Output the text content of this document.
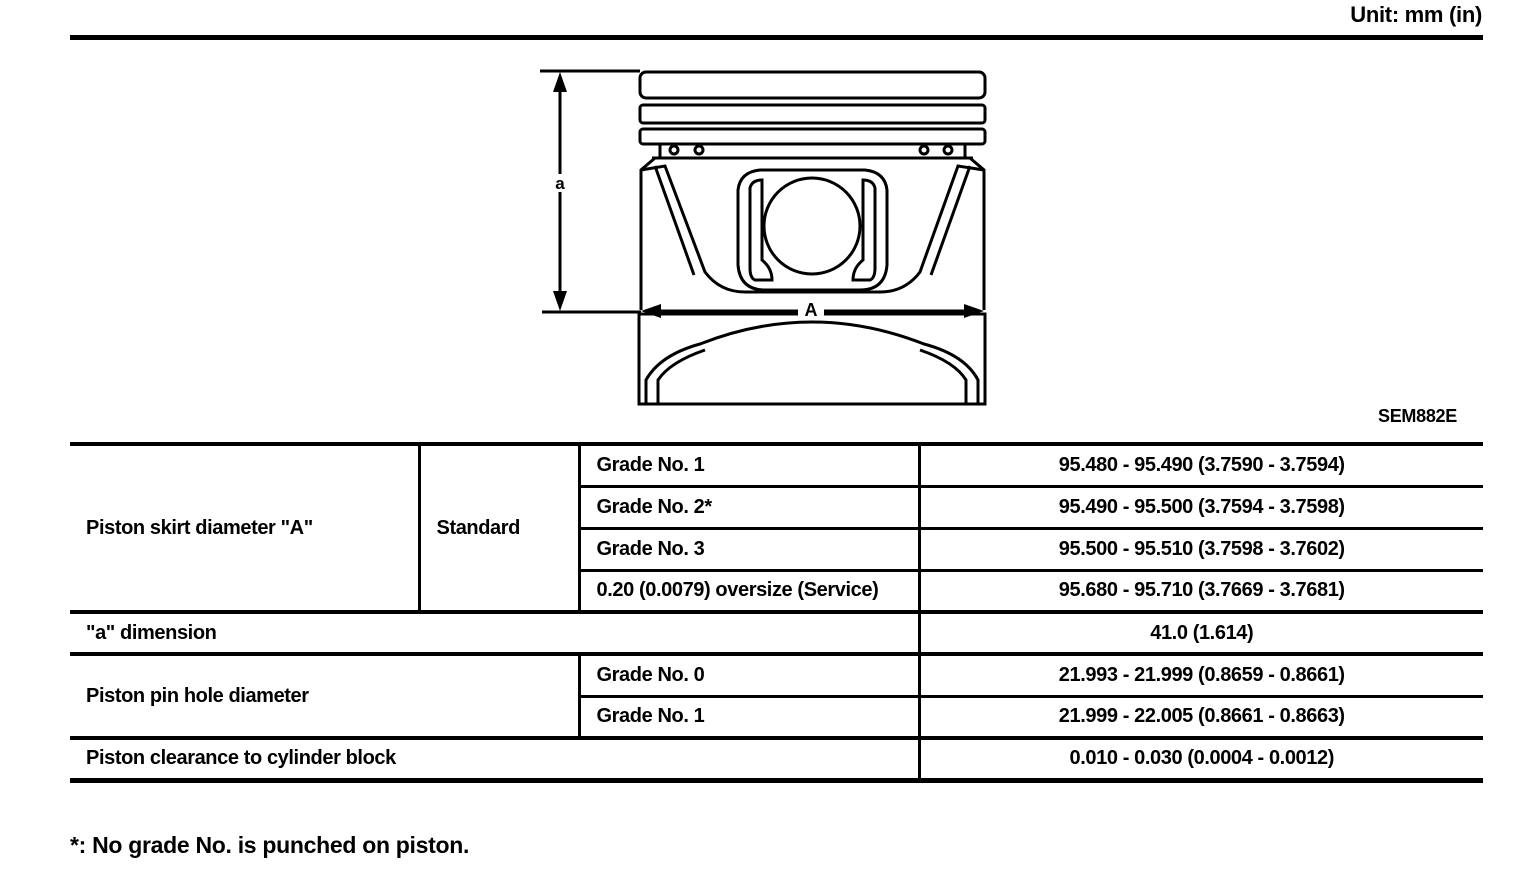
Unit: mm (in)
a
A
SEM882E
Piston skirt diameter "A"	Standard	Grade No. 1	95.480 - 95.490 (3.7590 - 3.7594)
		Grade No. 2*	95.490 - 95.500 (3.7594 - 3.7598)
		Grade No. 3	95.500 - 95.510 (3.7598 - 3.7602)
		0.20 (0.0079) oversize (Service)	95.680 - 95.710 (3.7669 - 3.7681)
"a" dimension			41.0 (1.614)
Piston pin hole diameter		Grade No. 0	21.993 - 21.999 (0.8659 - 0.8661)
		Grade No. 1	21.999 - 22.005 (0.8661 - 0.8663)
Piston clearance to cylinder block			0.010 - 0.030 (0.0004 - 0.0012)
*: No grade No. is punched on piston.
